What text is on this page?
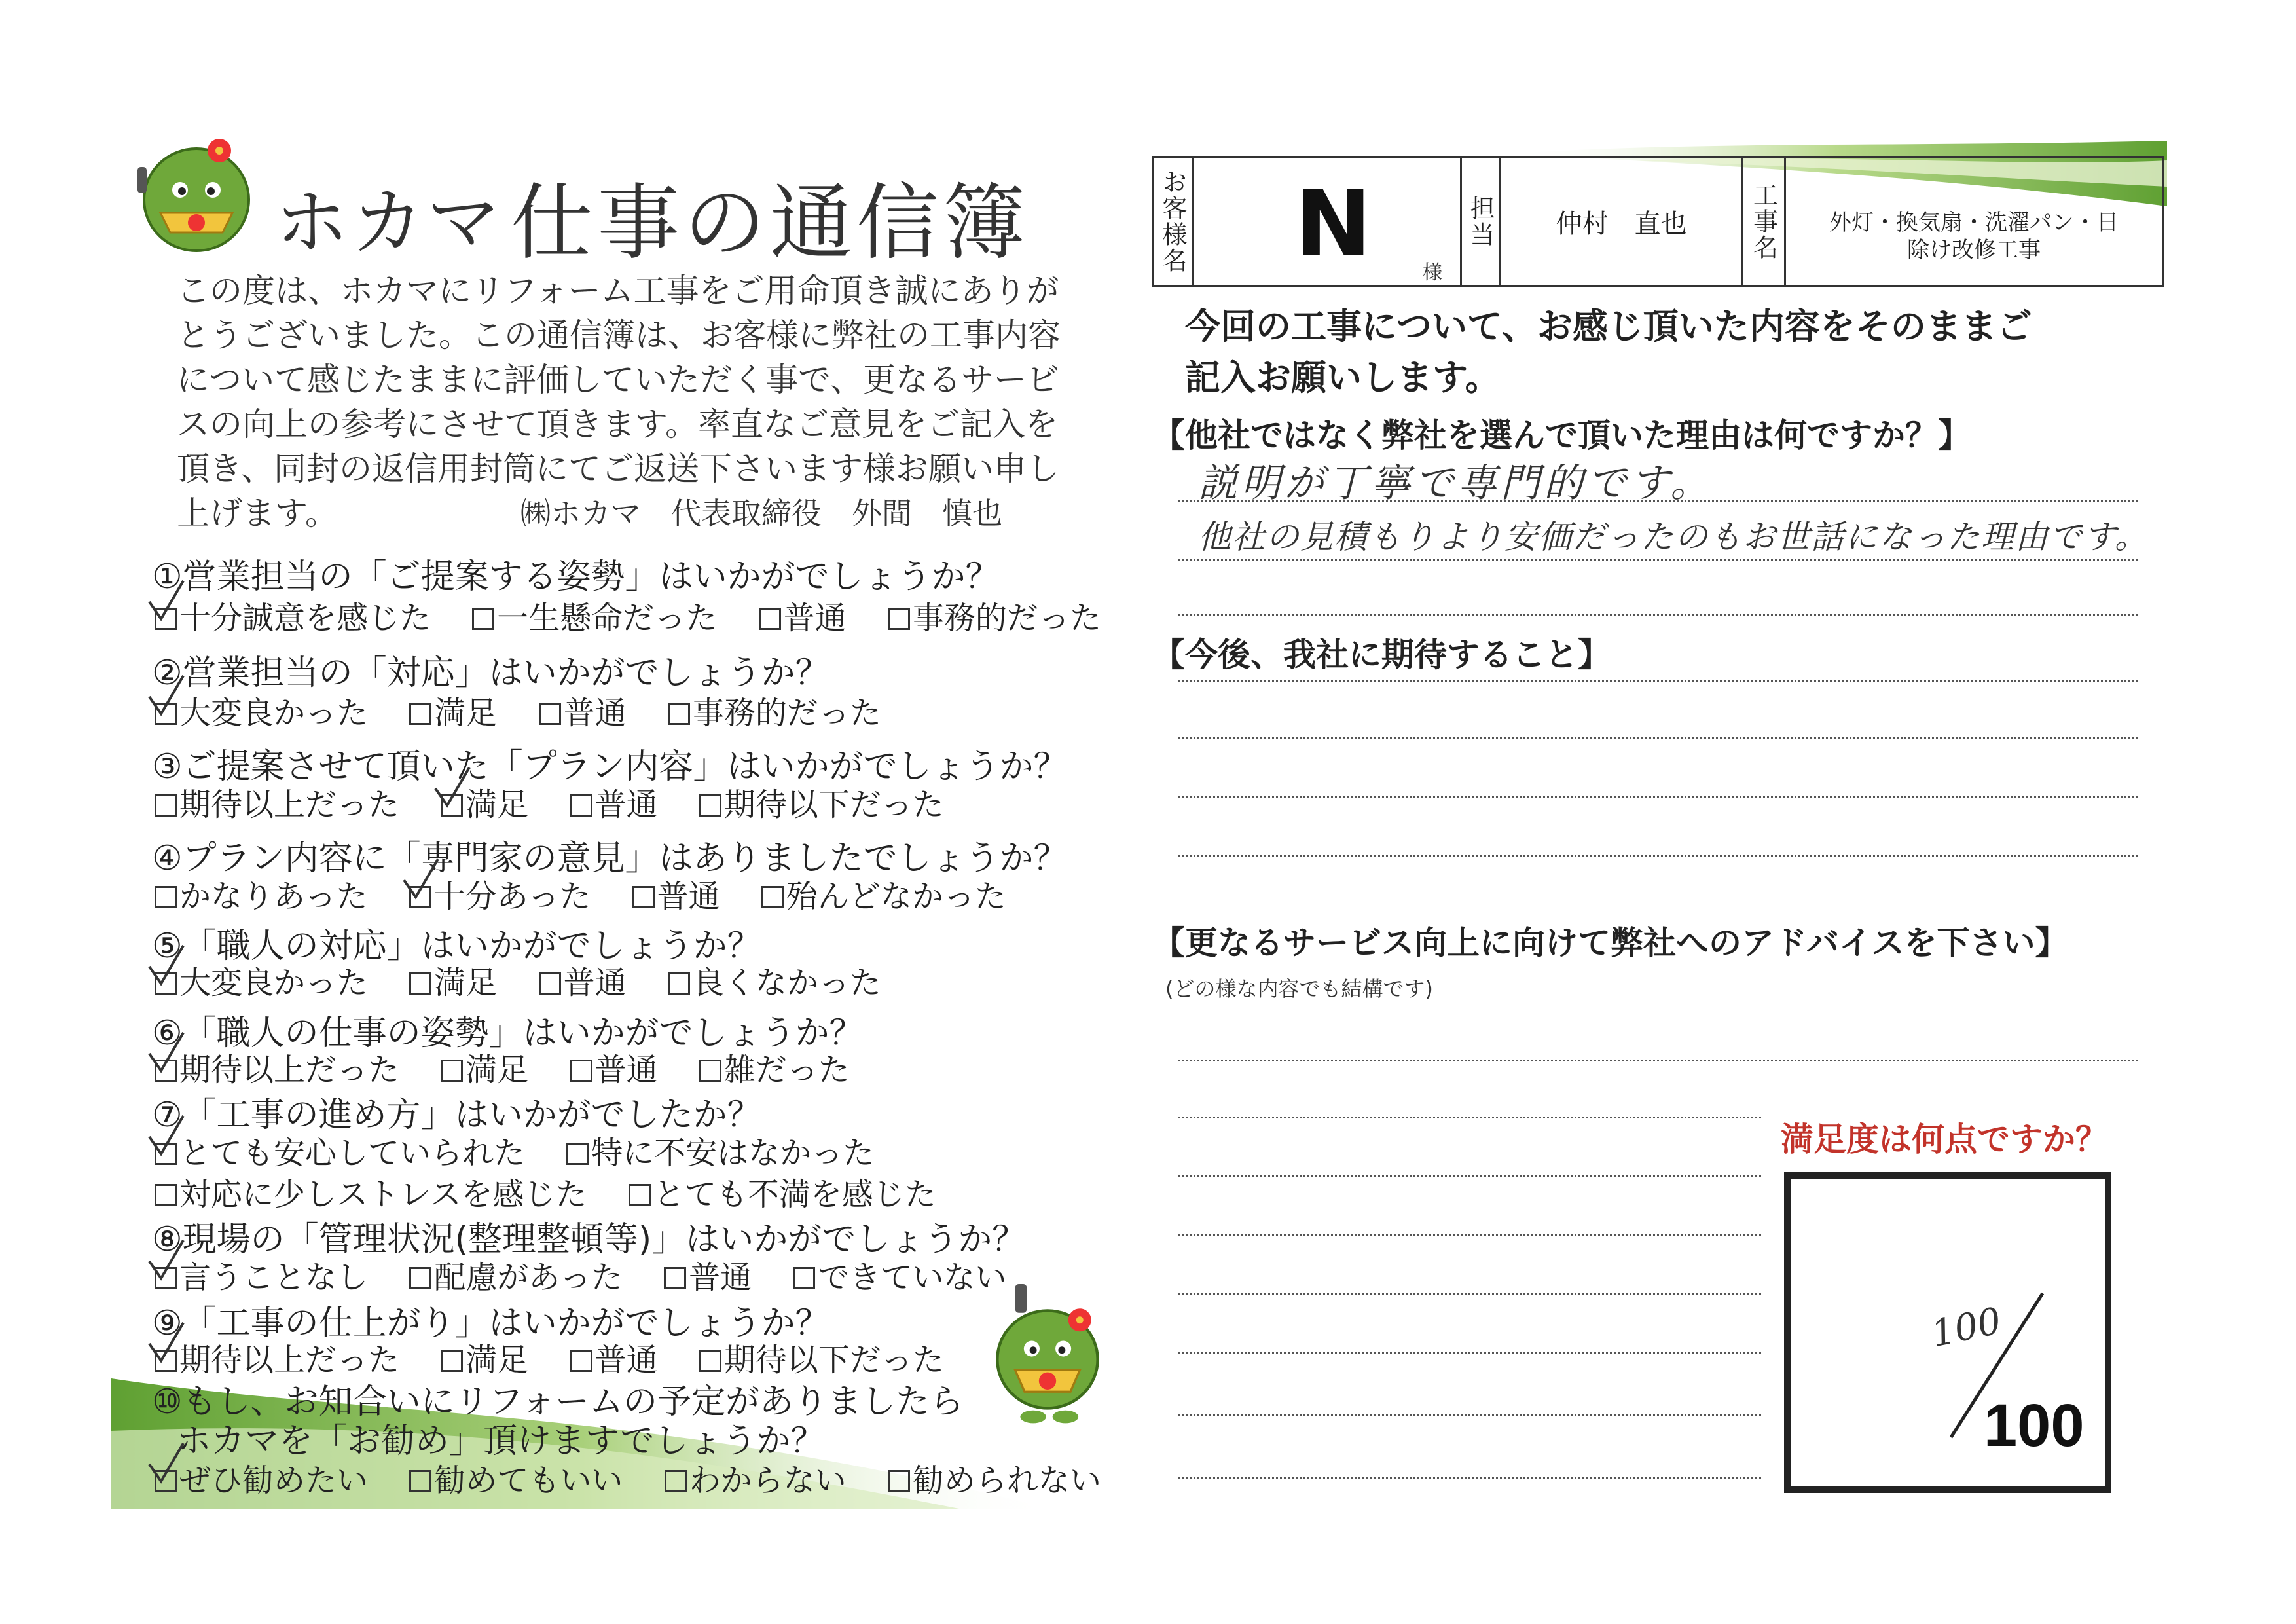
ホカマ 仕事の通信簿

この度は、ホカマにリフォーム工事をご用命頂き誠にありが

とうございました。この通信簿は、お客様に弊社の工事内容

について感じたままに評価していただく事で、更なるサービ

スの向上の参考にさせて頂きます。率直なご意見をご記入を

頂き、同封の返信用封筒にてご返送下さいます様お願い申し

上げます。	㈱ホカマ　代表取締役　外間　慎也
①営業担当の「ご提案する姿勢」はいかがでしょうか？
十分誠意を感じた 一生懸命だった 普通 事務的だった
②営業担当の「対応」はいかがでしょうか？
大変良かった 満足 普通 事務的だった
③ご提案させて頂いた「プラン内容」はいかがでしょうか？
期待以上だった 満足 普通 期待以下だった
④プラン内容に「専門家の意見」はありましたでしょうか？
かなりあった 十分あった 普通 殆んどなかった
⑤「職人の対応」はいかがでしょうか？
大変良かった 満足 普通 良くなかった
⑥「職人の仕事の姿勢」はいかがでしょうか？
期待以上だった 満足 普通 雑だった
⑦「工事の進め方」はいかがでしたか？
とても安心していられた 特に不安はなかった
対応に少しストレスを感じた とても不満を感じた
⑧現場の「管理状況(整理整頓等)」はいかがでしょうか？
言うことなし 配慮があった 普通 できていない
⑨「工事の仕上がり」はいかがでしょうか？
期待以上だった 満足 普通 期待以下だった
⑩もし、お知合いにリフォームの予定がありましたら
ホカマを「お勧め」頂けますでしょうか？
ぜひ勧めたい 勧めてもいい わからない 勧められない
お客様名 N	様
担当 仲村　直也	工事名	外灯・換気扇・洗濯パン・日
除け改修工事
今回の工事について、お感じ頂いた内容をそのままご
記入お願いします。
【他社ではなく弊社を選んで頂いた理由は何ですか？】
説明が丁寧で専門的です。
他社の見積もりより安価だったのもお世話になった理由です。
【今後、我社に期待すること】
【更なるサービス向上に向けて弊社へのアドバイスを下さい】
(どの様な内容でも結構です)
満足度は何点ですか？
100
100
